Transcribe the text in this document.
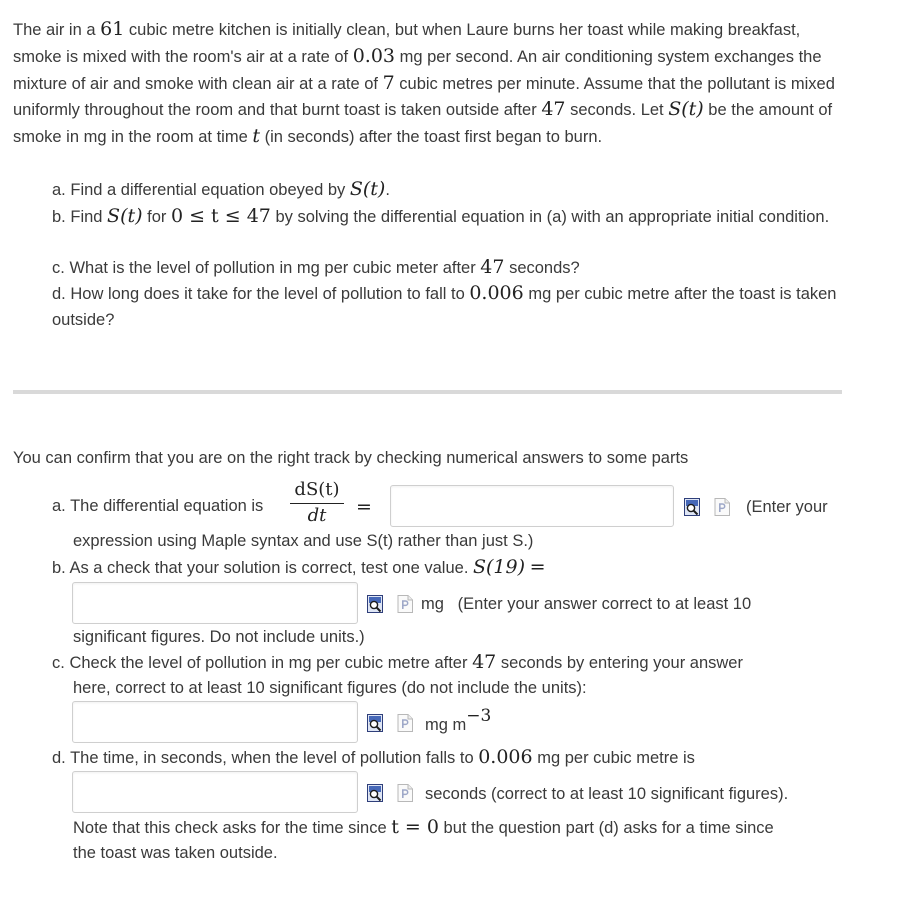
The air in a 61 cubic metre kitchen is initially clean, but when Laure burns her toast while making breakfast, smoke is mixed with the room's air at a rate of 0.03 mg per second. An air conditioning system exchanges the mixture of air and smoke with clean air at a rate of 7 cubic metres per minute. Assume that the pollutant is mixed uniformly throughout the room and that burnt toast is taken outside after 47 seconds. Let S(t) be the amount of smoke in mg in the room at time t (in seconds) after the toast first began to burn.
a. Find a differential equation obeyed by S(t).
b. Find S(t) for 0 ≤ t ≤ 47 by solving the differential equation in (a) with an appropriate initial condition.
c. What is the level of pollution in mg per cubic meter after 47 seconds?
d. How long does it take for the level of pollution to fall to 0.006 mg per cubic metre after the toast is taken outside?
You can confirm that you are on the right track by checking numerical answers to some parts
a. The differential equation is
dS(t)
dt	=	(Enter your
expression using Maple syntax and use S(t) rather than just S.)
b. As a check that your solution is correct, test one value. S(19) =
mg   (Enter your answer correct to at least 10
significant figures. Do not include units.)
c. Check the level of pollution in mg per cubic metre after 47 seconds by entering your answer
here, correct to at least 10 significant figures (do not include the units):
mg m−3
d. The time, in seconds, when the level of pollution falls to 0.006 mg per cubic metre is
seconds (correct to at least 10 significant figures).
Note that this check asks for the time since t = 0 but the question part (d) asks for a time since
the toast was taken outside.
